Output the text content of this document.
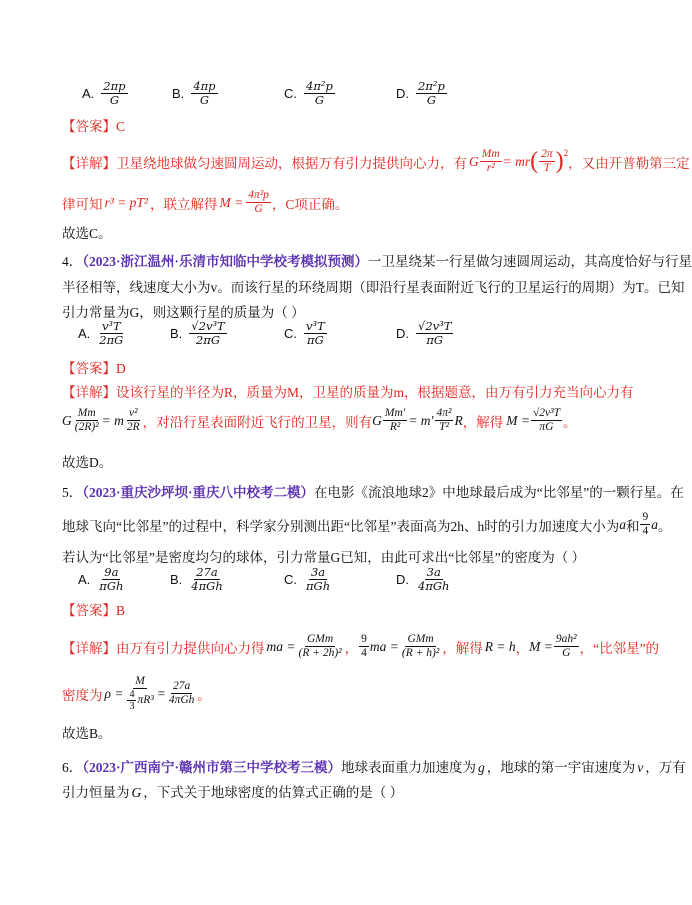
A. $\frac{2\pi p}{G}$	B. $\frac{4\pi p}{G}$	C. $\frac{\text{4π²p}}{G}$	D. $\frac{\text{2π²p}}{G}$
【答案】C
【详解】 卫星绕地球做匀速圆周运动，根据万有引力提供向心力，有 G $\frac{Mm}{\text{r²}}$ = mr ( $\frac{2\pi}{T} )^2$
，又由开普勒第三定
律可知 r³ = pT² ，联立解得 $M = \frac{\text{4π²p}}{G}$ ，C项正确。
故选C。
4．（2023·浙江温州·乐清市知临中学校考模拟预测）一卫星绕某一行星做匀速圆周运动，其高度恰好与行星
半径相等，线速度大小为v。而该行星的环绕周期（即沿行星表面附近飞行的卫星运行的周期）为T。已知
引力常量为G，则这颗行星的质量为（ ）
A. $\frac{\text{v³T}}{2\pi G}$	B. $\frac{\text{√2v³T}}{2\pi G}$	C. $\frac{\text{v³T}}{\pi G}$	D. $\frac{\text{√2v³T}}{\pi G}$
【答案】D
【详解】设该行星的半径为R，质量为M，卫星的质量为m，根据题意，由万有引力充当向心力有
G $\frac{Mm}{\text{(2R)²}} = m \frac{\text{v²}}{2R}$ ，对沿行星表面附近飞行的卫星，则有 G $\frac{Mm'}{\text{R²}} = m' \frac{\text{4π²}}{\text{T²}}$ R ，解得 $M = \frac{\text{√2v³T}}{\pi G}$ 。
故选D。
5．（2023·重庆沙坪坝·重庆八中校考二模）在电影《流浪地球2》中地球最后成为“比邻星”的一颗行星。在
地球飞向“比邻星”的过程中，科学家分别测出距“比邻星”表面高为2h、h时的引力加速度大小为 a 和 $\frac{9}{4}$ a 。
若认为“比邻星”是密度均匀的球体，引力常量G已知，由此可求出“比邻星”的密度为（ ）
A. $\frac{9a}{\text{πGh}}$	B. $\frac{27a}{\text{4πGh}}$	C. $\frac{3a}{\text{πGh}}$	D. $\frac{3a}{\text{4πGh}}$
【答案】B
【详解】 由万有引力提供向心力得 ma = $\frac{\text{GMm}}{\text{(R + 2h)²}}$ ， $\frac{9}{4}$ ma = $\frac{\text{GMm}}{\text{(R + h)²}}$ ，解得 R = h ， $M = \frac{\text{9ah²}}{G}$ ，“比邻星”的
密度为 $\rho = \frac{M}{\frac{4}{3} \pi R^3} = \frac{27a}{\text{4πGh}}$ 。
故选B。
6．（2023·广西南宁·赣州市第三中学校考三模）地球表面重力加速度为 g ，地球的第一宇宙速度为 v ，万有
引力恒量为 G ，下式关于地球密度的估算式正确的是（ ）
